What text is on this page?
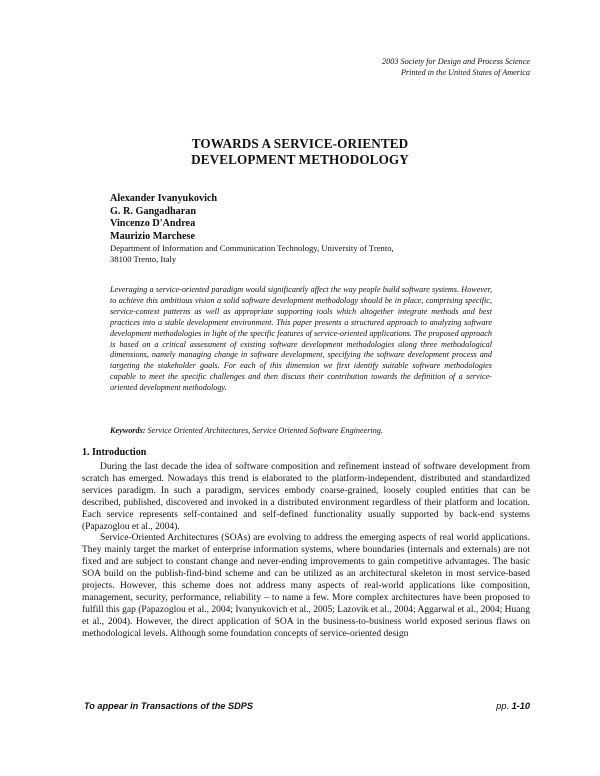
2003 Society for Design and Process Science
Printed in the United States of America
TOWARDS A SERVICE-ORIENTED
DEVELOPMENT METHODOLOGY
Alexander Ivanyukovich
G. R. Gangadharan
Vincenzo D'Andrea
Maurizio Marchese
Department of Information and Communication Technology, University of Trento,
38100 Trento, Italy
Leveraging a service-oriented paradigm would significantly affect the way people build software systems. However, to achieve this ambitious vision a solid software development methodology should be in place, comprising specific, service-context patterns as well as appropriate supporting tools which altogether integrate methods and best practices into a stable development environment. This paper presents a structured approach to analyzing software development methodologies in light of the specific features of service-oriented applications. The proposed approach is based on a critical assessment of existing software development methodologies along three methodological dimensions, namely managing change in software development, specifying the software development process and targeting the stakeholder goals. For each of this dimension we first identify suitable software methodologies capable to meet the specific challenges and then discuss their contribution towards the definition of a service-oriented development methodology.
Keywords: Service Oriented Architectures, Service Oriented Software Engineering.
1. Introduction

During the last decade the idea of software composition and refinement instead of software development from scratch has emerged. Nowadays this trend is elaborated to the platform-independent, distributed and standardized services paradigm. In such a paradigm, services embody coarse-grained, loosely coupled entities that can be described, published, discovered and invoked in a distributed environment regardless of their platform and location. Each service represents self-contained and self-defined functionality usually supported by back-end systems (Papazoglou et al., 2004).

Service-Oriented Architectures (SOAs) are evolving to address the emerging aspects of real world applications. They mainly target the market of enterprise information systems, where boundaries (internals and externals) are not fixed and are subject to constant change and never-ending improvements to gain competitive advantages. The basic SOA build on the publish-find-bind scheme and can be utilized as an architectural skeleton in most service-based projects. However, this scheme does not address many aspects of real-world applications like composition, management, security, performance, reliability – to name a few. More complex architectures have been proposed to fulfill this gap (Papazoglou et al., 2004; Ivanyukovich et al., 2005; Lazovik et al., 2004; Aggarwal et al., 2004; Huang et al., 2004). However, the direct application of SOA in the business-to-business world exposed serious flaws on methodological levels. Although some foundation concepts of service-oriented design

To appear in Transactions of the SDPS	pp. 1-10
